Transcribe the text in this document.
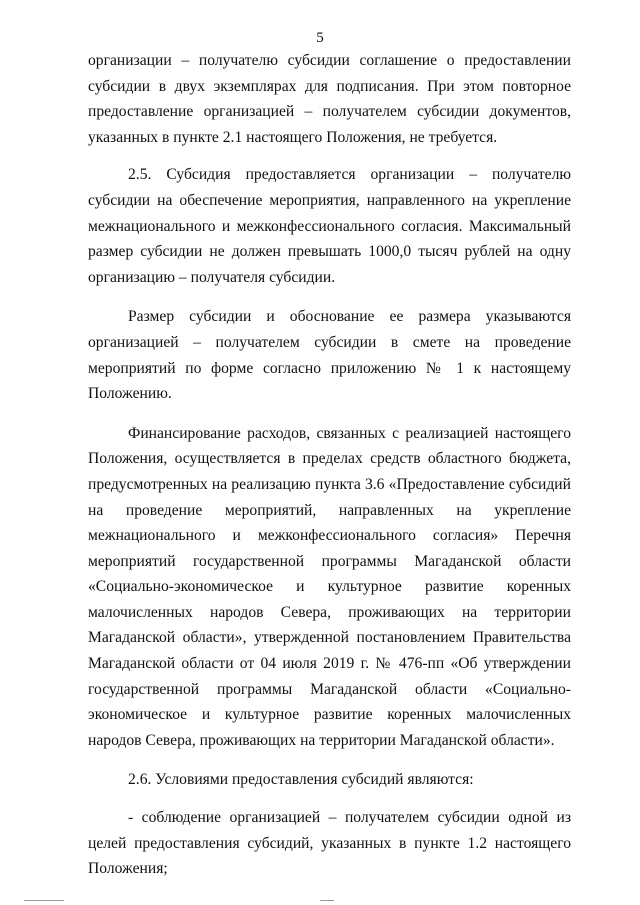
5

организации – получателю субсидии соглашение о предоставлении субсидии в двух экземплярах для подписания. При этом повторное предоставление организацией – получателем субсидии документов, указанных в пункте 2.1 настоящего Положения, не требуется.

2.5. Субсидия предоставляется организации – получателю субсидии на обеспечение мероприятия, направленного на укрепление межнационального и межконфессионального согласия. Максимальный размер субсидии не должен превышать 1000,0 тысяч рублей на одну организацию – получателя субсидии.

Размер субсидии и обоснование ее размера указываются организацией – получателем субсидии в смете на проведение мероприятий по форме согласно приложению № 1 к настоящему Положению.

Финансирование расходов, связанных с реализацией настоящего Положения, осуществляется в пределах средств областного бюджета, предусмотренных на реализацию пункта 3.6 «Предоставление субсидий на проведение мероприятий, направленных на укрепление межнационального и межконфессионального согласия» Перечня мероприятий государственной программы Магаданской области «Социально-экономическое и культурное развитие коренных малочисленных народов Севера, проживающих на территории Магаданской области», утвержденной постановлением Правительства Магаданской области от 04 июля 2019 г. № 476-пп «Об утверждении государственной программы Магаданской области «Социально-экономическое и культурное развитие коренных малочисленных народов Севера, проживающих на территории Магаданской области».

2.6. Условиями предоставления субсидий являются:

- соблюдение организацией – получателем субсидии одной из целей предоставления субсидий, указанных в пункте 1.2 настоящего Положения;
